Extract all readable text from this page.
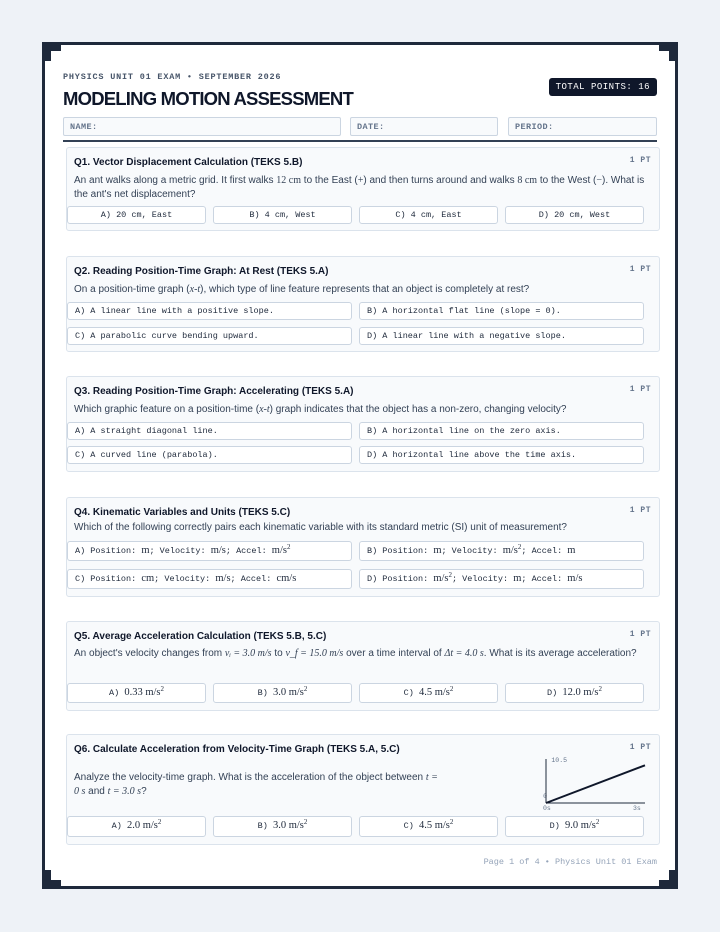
PHYSICS UNIT 01 EXAM • SEPTEMBER 2026
MODELING MOTION ASSESSMENT
TOTAL POINTS: 16
NAME:	DATE:	PERIOD:
Q1. Vector Displacement Calculation (TEKS 5.B)	1 PT
An ant walks along a metric grid. It first walks 12 cm to the East (+) and then turns around and walks 8 cm to the West (−). What is the ant's net displacement?
A) 20 cm, East	B) 4 cm, West	C) 4 cm, East	D) 20 cm, West
Q2. Reading Position-Time Graph: At Rest (TEKS 5.A)	1 PT
On a position-time graph (x-t), which type of line feature represents that an object is completely at rest?
A) A linear line with a positive slope.	B) A horizontal flat line (slope = 0).
C) A parabolic curve bending upward.	D) A linear line with a negative slope.
Q3. Reading Position-Time Graph: Accelerating (TEKS 5.A)	1 PT
Which graphic feature on a position-time (x-t) graph indicates that the object has a non-zero, changing velocity?
A) A straight diagonal line.	B) A horizontal line on the zero axis.
C) A curved line (parabola).	D) A horizontal line above the time axis.
Q4. Kinematic Variables and Units (TEKS 5.C)	1 PT
Which of the following correctly pairs each kinematic variable with its standard metric (SI) unit of measurement?
A) Position: m; Velocity: m/s; Accel: $m/s^2$	B) Position: m; Velocity: $m/s^2$; Accel: m
C) Position: cm; Velocity: m/s; Accel: cm/s	D) Position: $m/s^2$; Velocity: m; Accel: m/s
Q5. Average Acceleration Calculation (TEKS 5.B, 5.C)	1 PT
An object's velocity changes from vᵢ = 3.0 m/s to v_f = 15.0 m/s over a time interval of Δt = 4.0 s. What is its average acceleration?
A) 0.33 $m/s^2$	B) 3.0 $m/s^2$	C) 4.5 $m/s^2$	D) 12.0 $m/s^2$
Q6. Calculate Acceleration from Velocity-Time Graph (TEKS 5.A, 5.C)	1 PT
Analyze the velocity-time graph. What is the acceleration of the object between t = 0 s and t = 3.0 s?
10.5
0
0s	3s
A) 2.0 $m/s^2$	B) 3.0 $m/s^2$	C) 4.5 $m/s^2$	D) 9.0 $m/s^2$
Page 1 of 4 • Physics Unit 01 Exam
